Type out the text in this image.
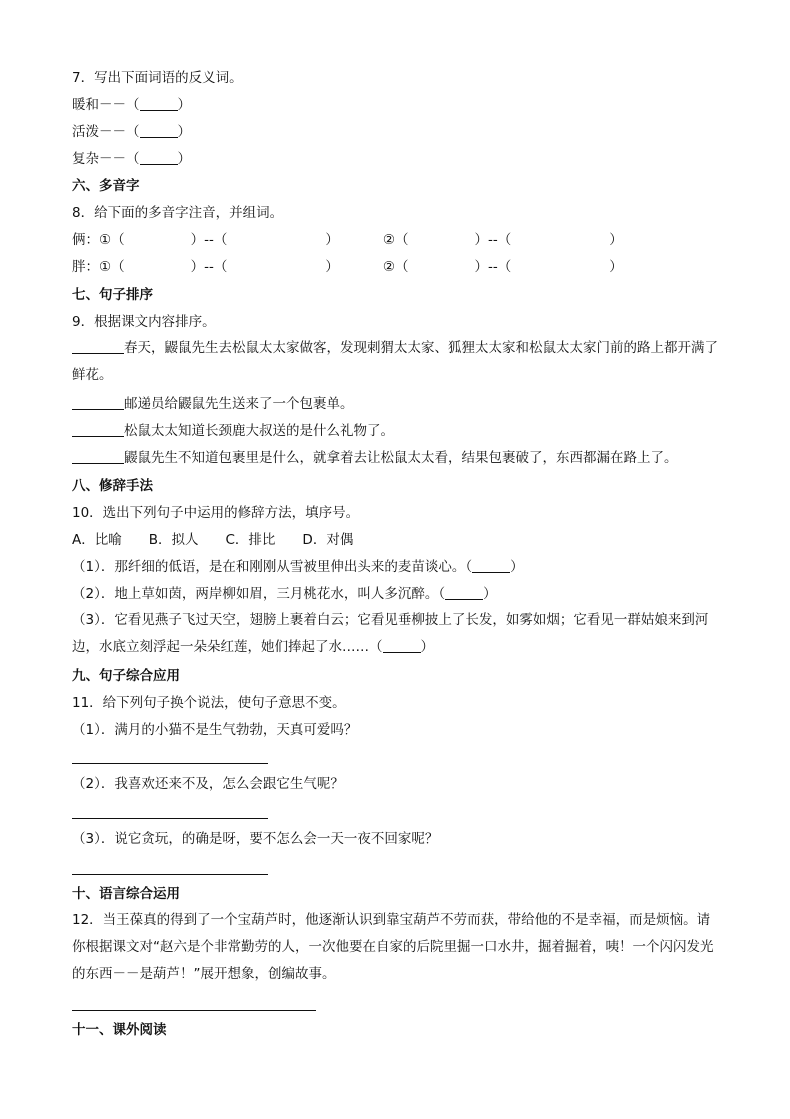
7．写出下面词语的反义词。
暖和－－（	）
活泼－－（	）
复杂－－（	）
六、多音字
8．给下面的多音字注音，并组词。
俩：①（	）--（	）	②（	）--（	）
胖：①（	）--（	）	②（	）--（	）
七、句子排序
9．根据课文内容排序。
春天，鼹鼠先生去松鼠太太家做客，发现刺猬太太家、狐狸太太家和松鼠太太家门前的路上都开满了鲜花。
邮递员给鼹鼠先生送来了一个包裹单。
松鼠太太知道长颈鹿大叔送的是什么礼物了。
鼹鼠先生不知道包裹里是什么，就拿着去让松鼠太太看，结果包裹破了，东西都漏在路上了。
八、修辞手法
10．选出下列句子中运用的修辞方法，填序号。
A．比喻　　B．拟人　　C．排比　　D．对偶
（1）．那纤细的低语，是在和刚刚从雪被里伸出头来的麦苗谈心。（	）
（2）．地上草如茵，两岸柳如眉，三月桃花水，叫人多沉醉。（	）
（3）．它看见燕子飞过天空，翅膀上裹着白云；它看见垂柳披上了长发，如雾如烟；它看见一群姑娘来到河边，水底立刻浮起一朵朵红莲，她们捧起了水……（	）
九、句子综合应用
11．给下列句子换个说法，使句子意思不变。
（1）．满月的小猫不是生气勃勃，天真可爱吗？
（2）．我喜欢还来不及，怎么会跟它生气呢？
（3）．说它贪玩，的确是呀，要不怎么会一天一夜不回家呢？
十、语言综合运用
12．当王葆真的得到了一个宝葫芦时，他逐渐认识到靠宝葫芦不劳而获，带给他的不是幸福，而是烦恼。请你根据课文对“赵六是个非常勤劳的人，一次他要在自家的后院里掘一口水井，掘着掘着，咦！一个闪闪发光的东西－－是葫芦！”展开想象，创编故事。
十一、课外阅读
